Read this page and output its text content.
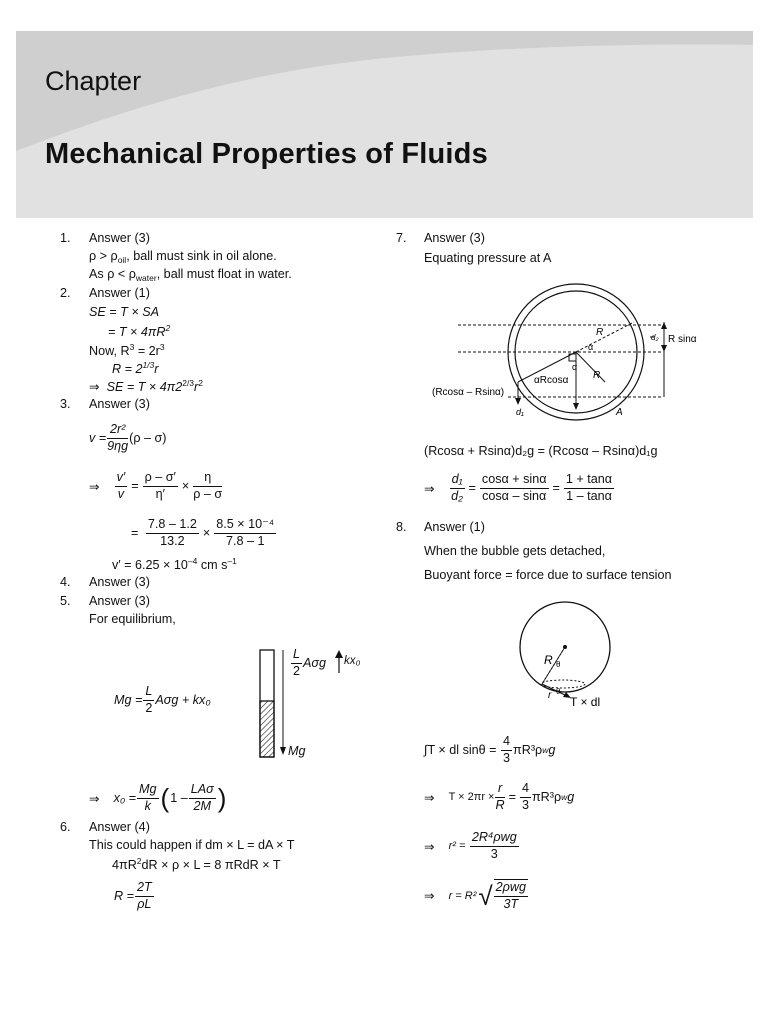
Chapter
Mechanical Properties of Fluids
1. Answer (3)
$\rho > \rho_{oil}$, ball must sink in oil alone.
As $\rho < \rho_{water}$, ball must float in water.
2. Answer (1)
SE = T × SA
= $T \times 4\pi R^2$
Now, $R^3 = 2r^3$
$R = 2^{1/3}r$
⇒ SE = $T \times 4\pi 2^{2/3}r^2$
3. Answer (3)
$v = \frac{\text{2r²}}{9\eta g} (\rho - \sigma)$
⇒
$\frac{v'}{v} = \frac{\rho - \sigma'}{\eta'} \times \frac{\eta}{\rho - \sigma}$
=
$\frac{7.8 - 1.2}{13.2} \times \frac{\text{8.5 × 10⁻⁴}}{7.8 - 1}$
$v' = 6.25 \times 10^{-4}$ cm $s^{-1}$
4. Answer (3)
5. Answer (3)
For equilibrium,
$Mg = \frac{L}{2}$ Aσg + kx₀
$\frac{L}{2}$ Aσg kx₀
Mg
⇒
$x_0 = \frac{Mg}{k}$ ( $1 - \frac{\text{LAσ}}{2M}$ )
6. Answer (4)
This could happen if dm × L = dA × T
$4\pi R^2dR \times \rho \times L = 8$ πRdR × T
$R = \frac{2T}{\rho L}$
7. Answer (3)
Equating pressure at A
R
R
R sinα
d₂
d₁
α
α
αRcosα
(Rcosα – Rsinα)
A
(Rcosα + Rsinα)d₂g = (Rcosα – Rsinα)d₁g
⇒
$\frac{\text{d₁}}{\text{d₂}} = \frac{\cos\alpha + \sin\alpha}{\cos\alpha - \sin\alpha} = \frac{1 + \tan\alpha}{1 - \tan\alpha}$
8. Answer (1)
When the bubble gets detached,
Buoyant force = force due to surface tension
R θ
r θ
T × dl
∫T × dl sinθ =
$\frac{4}{3} \pi R^3\rho$ w g
⇒
$T \times 2\pi r \times \frac{r}{R} = \frac{4}{3} \pi R^3\rho$ w g
⇒
r² =
$\frac{\text{2R⁴ρwg}}{3}$
⇒
r = R² √ $\frac{\text{2ρwg}}{3T}$
